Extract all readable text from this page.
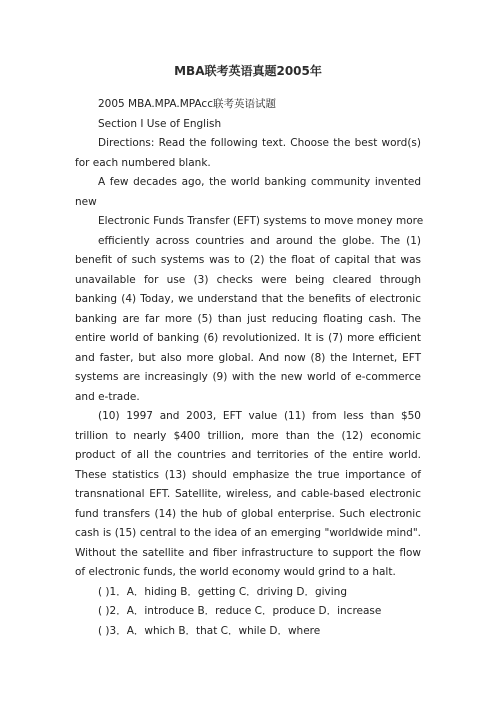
MBA联考英语真题2005年
2005 MBA.MPA.MPAcc联考英语试题
Section Ⅰ Use of English
Directions: Read the following text. Choose the best word(s) for each numbered blank.
A few decades ago, the world banking community invented new
Electronic Funds Transfer (EFT) systems to move money more
efficiently across countries and around the globe. The (1) benefit of such systems was to (2) the float of capital that was unavailable for use (3) checks were being cleared through banking (4) Today, we understand that the benefits of electronic banking are far more (5) than just reducing floating cash. The entire world of banking (6) revolutionized. It is (7) more efficient and faster, but also more global. And now (8) the Internet, EFT systems are increasingly (9) with the new world of e-commerce and e-trade.
(10) 1997 and 2003, EFT value (11) from less than $50 trillion to nearly $400 trillion, more than the (12) economic product of all the countries and territories of the entire world. These statistics (13) should emphasize the true importance of transnational EFT. Satellite, wireless, and cable-based electronic fund transfers (14) the hub of global enterprise. Such electronic cash is (15) central to the idea of an emerging "worldwide mind". Without the satellite and fiber infrastructure to support the flow of electronic funds, the world economy would grind to a halt.
( )1．A．hiding B．getting C．driving D．giving
( )2．A．introduce B．reduce C．produce D．increase
( )3．A．which B．that C．while D．where
